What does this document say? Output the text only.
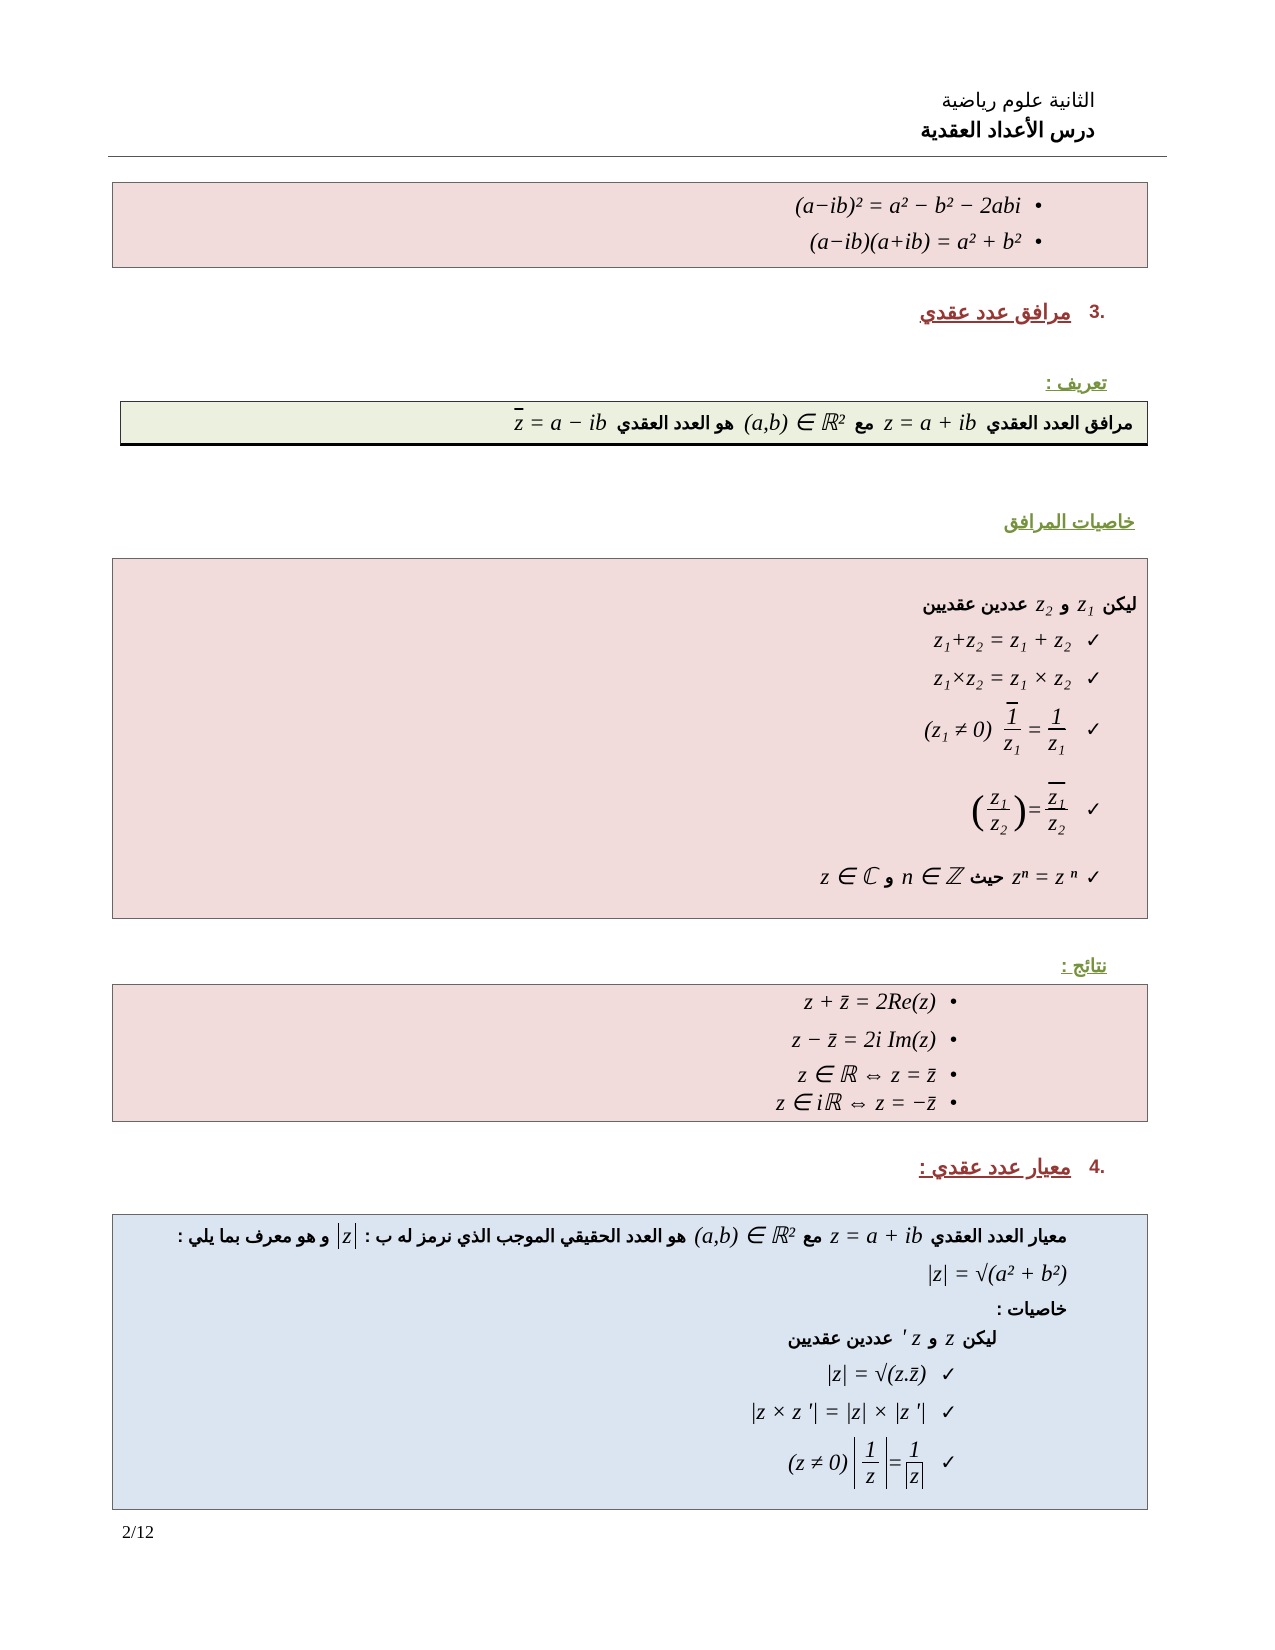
الثانية علوم رياضية
درس الأعداد العقدية
•
(a−ib)² = a² − b² − 2abi
•
(a−ib)(a+ib) = a² + b²
.3
مرافق عدد عقدي
تعريف :
مرافق العدد العقدي
z = a + ib
مع
(a,b) ∈ ℝ²
هو العدد العقدي
$\overline{z} = a$ − ib
خاصيات المرافق
ليكن
z₁
و
z₂
عددين عقديين
✓
z₁+z₂ = z₁ + z₂
✓
z₁×z₂ = z₁ × z₂
✓
(z₁ ≠ 0)
$\frac{1}{\text{z₁}} = \frac{1}{\text{z₁}}$
✓
( $\frac{\text{z₁}}{\text{z₂}}$ ) = $\frac{\text{z₁}}{\text{z₂}}$
✓
zⁿ = z ⁿ
حيث
n ∈ ℤ
و
z ∈ ℂ
نتائج :
•
z + z̄ = 2Re(z)
•
z − z̄ = 2i Im(z)
•
z ∈ ℝ ⇔ z = z̄
•
z ∈ iℝ ⇔ z = −z̄
.4
معيار عدد عقدي :
معيار العدد العقدي
z = a + ib
مع
(a,b) ∈ ℝ²
هو العدد الحقيقي الموجب الذي نرمز له ب :
z
و هو معرف بما يلي :
|z| = √(a² + b²)
خاصيات :
ليكن
z
و
z '
عددين عقديين
✓
|z| = √(z.z̄)
✓
|z × z '| = |z| × |z '|
✓
(z ≠ 0)
$\frac{1}{z} = \frac{1}{z}$
2/12
